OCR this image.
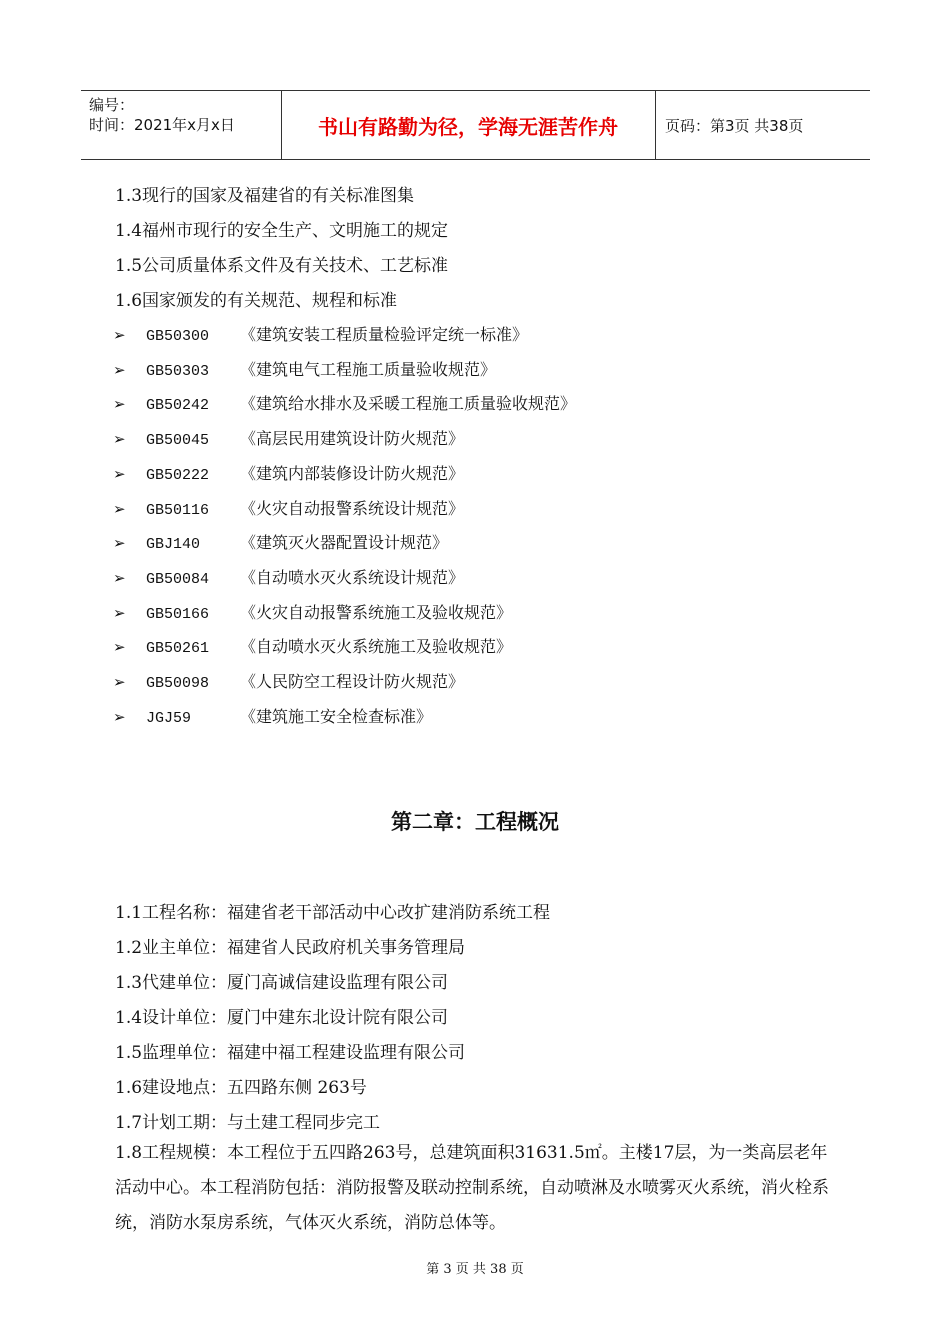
编号：
时间：2021年x月x日	书山有路勤为径，学海无涯苦作舟	页码：第3页 共38页
1.3现行的国家及福建省的有关标准图集
1.4福州市现行的安全生产、文明施工的规定
1.5公司质量体系文件及有关技术、工艺标准
1.6国家颁发的有关规范、规程和标准
➢ GB50300 《建筑安装工程质量检验评定统一标准》
➢ GB50303 《建筑电气工程施工质量验收规范》
➢ GB50242 《建筑给水排水及采暖工程施工质量验收规范》
➢ GB50045 《高层民用建筑设计防火规范》
➢ GB50222 《建筑内部装修设计防火规范》
➢ GB50116 《火灾自动报警系统设计规范》
➢ GBJ140 《建筑灭火器配置设计规范》
➢ GB50084 《自动喷水灭火系统设计规范》
➢ GB50166 《火灾自动报警系统施工及验收规范》
➢ GB50261 《自动喷水灭火系统施工及验收规范》
➢ GB50098 《人民防空工程设计防火规范》
➢ JGJ59	《建筑施工安全检查标准》
第二章：工程概况
1.1工程名称：福建省老干部活动中心改扩建消防系统工程
1.2业主单位：福建省人民政府机关事务管理局
1.3代建单位：厦门高诚信建设监理有限公司
1.4设计单位：厦门中建东北设计院有限公司
1.5监理单位：福建中福工程建设监理有限公司
1.6建设地点：五四路东侧 263号
1.7计划工期：与土建工程同步完工
1.8工程规模：本工程位于五四路263号，总建筑面积31631.5㎡。主楼17层，为一类高层老年活动中心。本工程消防包括：消防报警及联动控制系统，自动喷淋及水喷雾灭火系统，消火栓系统，消防水泵房系统，气体灭火系统，消防总体等。
第 3 页 共 38 页
